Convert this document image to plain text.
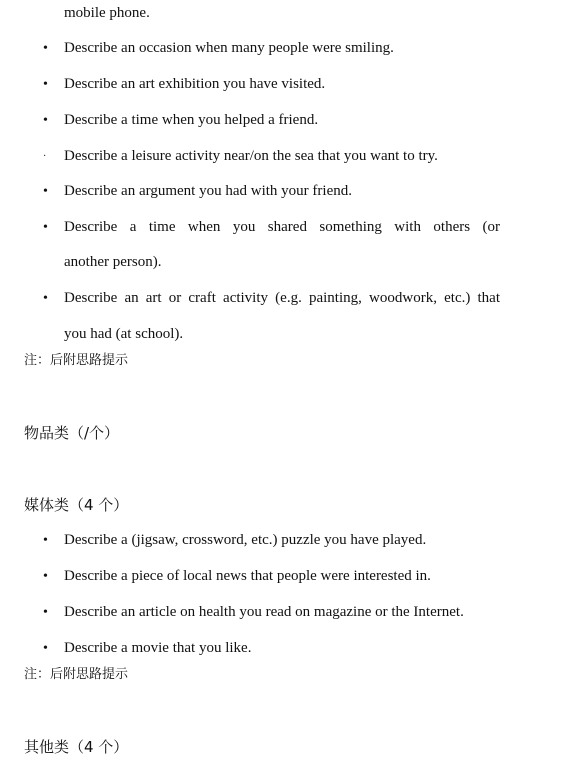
mobile phone.
•	Describe an occasion when many people were smiling.
•	Describe an art exhibition you have visited.
•	Describe a time when you helped a friend.
·	Describe a leisure activity near/on the sea that you want to try.
•	Describe an argument you had with your friend.
•	Describe a time when you shared something with others (or
another person).
•	Describe an art or craft activity (e.g. painting, woodwork, etc.) that
you had (at school).
注：后附思路提示
物品类（/个）
媒体类（4 个）
•	Describe a (jigsaw, crossword, etc.) puzzle you have played.
•	Describe a piece of local news that people were interested in.
•	Describe an article on health you read on magazine or the Internet.
•	Describe a movie that you like.
注：后附思路提示
其他类（4 个）
